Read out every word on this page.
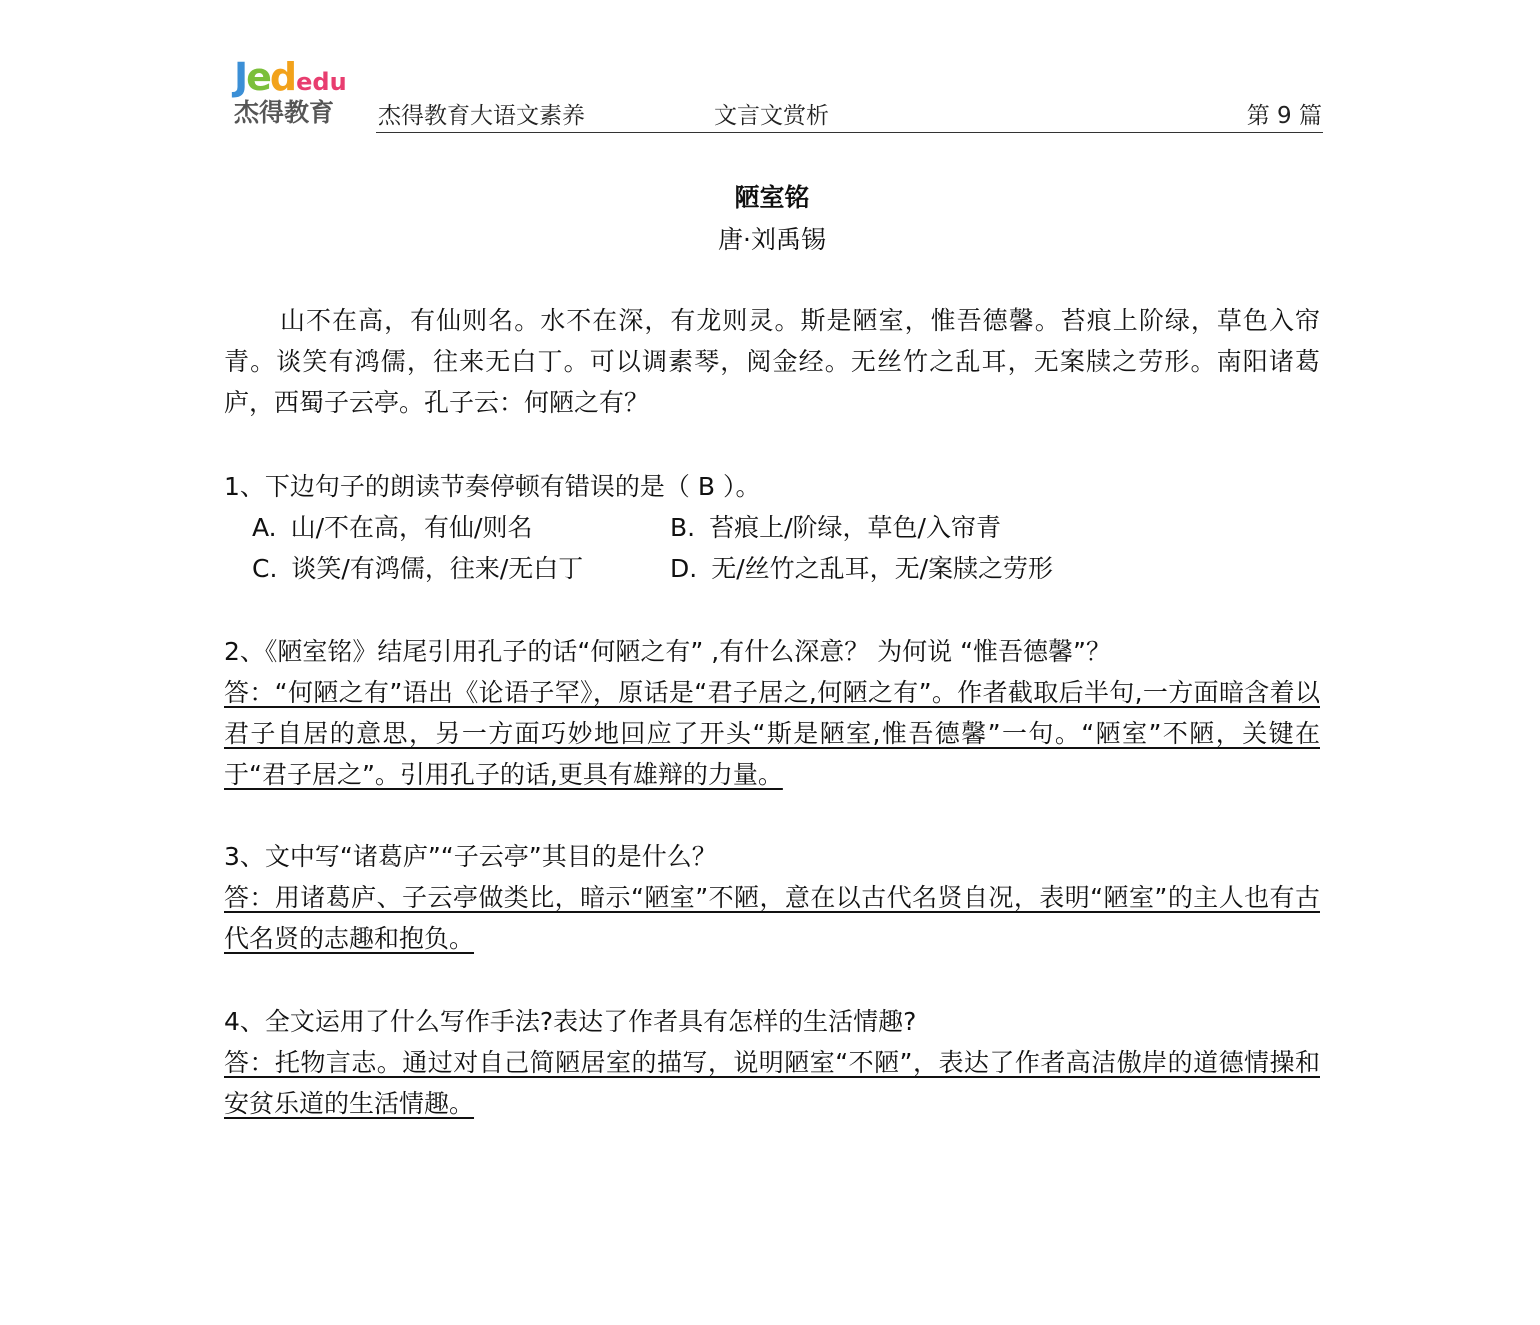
Jededu
杰得教育 杰得教育大语文素养	文言文赏析	第 9 篇
陋室铭
唐·刘禹锡
山不在高，有仙则名。水不在深，有龙则灵。斯是陋室，惟吾德馨。苔痕上阶绿，草色入帘青。谈笑有鸿儒，往来无白丁。可以调素琴，阅金经。无丝竹之乱耳，无案牍之劳形。南阳诸葛庐，西蜀子云亭。孔子云：何陋之有？
1、下边句子的朗读节奏停顿有错误的是（ B ）。
A. 山/不在高，有仙/则名	B. 苔痕上/阶绿，草色/入帘青
C. 谈笑/有鸿儒，往来/无白丁	D. 无/丝竹之乱耳，无/案牍之劳形
2、《陋室铭》结尾引用孔子的话“何陋之有” ,有什么深意？ 为何说 “惟吾德馨”？
答：“何陋之有”语出《论语子罕》，原话是“君子居之,何陋之有”。作者截取后半句,一方面暗含着以君子自居的意思，另一方面巧妙地回应了开头“斯是陋室,惟吾德馨”一句。“陋室”不陋，关键在于“君子居之”。引用孔子的话,更具有雄辩的力量。
3、文中写“诸葛庐”“子云亭”其目的是什么？
答：用诸葛庐、子云亭做类比，暗示“陋室”不陋，意在以古代名贤自况，表明“陋室”的主人也有古代名贤的志趣和抱负。
4、全文运用了什么写作手法?表达了作者具有怎样的生活情趣?
答：托物言志。通过对自己简陋居室的描写，说明陋室“不陋”，表达了作者高洁傲岸的道德情操和安贫乐道的生活情趣。
